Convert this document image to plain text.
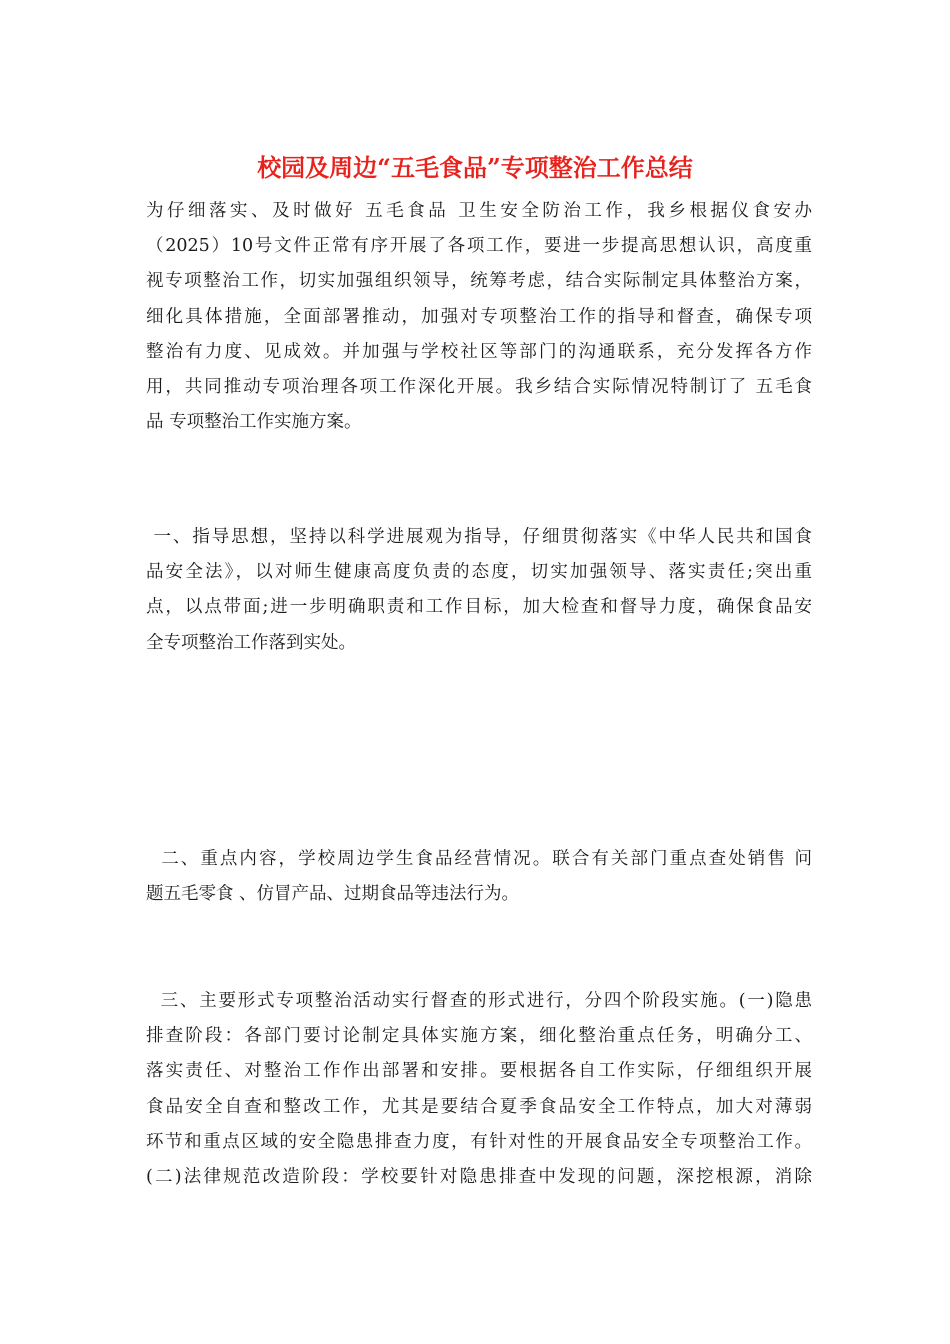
校园及周边“五毛食品”专项整治工作总结
为仔细落实、及时做好 五毛食品 卫生安全防治工作，我乡根据仪食安办
（2025）10号文件正常有序开展了各项工作，要进一步提高思想认识，高度重
视专项整治工作，切实加强组织领导，统筹考虑，结合实际制定具体整治方案，
细化具体措施，全面部署推动，加强对专项整治工作的指导和督查，确保专项
整治有力度、见成效。并加强与学校社区等部门的沟通联系，充分发挥各方作
用，共同推动专项治理各项工作深化开展。我乡结合实际情况特制订了 五毛食
品 专项整治工作实施方案。
一、指导思想，坚持以科学进展观为指导，仔细贯彻落实《中华人民共和国食
品安全法》，以对师生健康高度负责的态度，切实加强领导、落实责任;突出重
点，以点带面;进一步明确职责和工作目标，加大检查和督导力度，确保食品安
全专项整治工作落到实处。
二、重点内容，学校周边学生食品经营情况。联合有关部门重点查处销售 问
题五毛零食 、仿冒产品、过期食品等违法行为。
三、主要形式专项整治活动实行督查的形式进行，分四个阶段实施。(一)隐患
排查阶段：各部门要讨论制定具体实施方案，细化整治重点任务，明确分工、
落实责任、对整治工作作出部署和安排。要根据各自工作实际，仔细组织开展
食品安全自查和整改工作，尤其是要结合夏季食品安全工作特点，加大对薄弱
环节和重点区域的安全隐患排查力度，有针对性的开展食品安全专项整治工作。
(二)法律规范改造阶段：学校要针对隐患排查中发现的问题，深挖根源，消除
